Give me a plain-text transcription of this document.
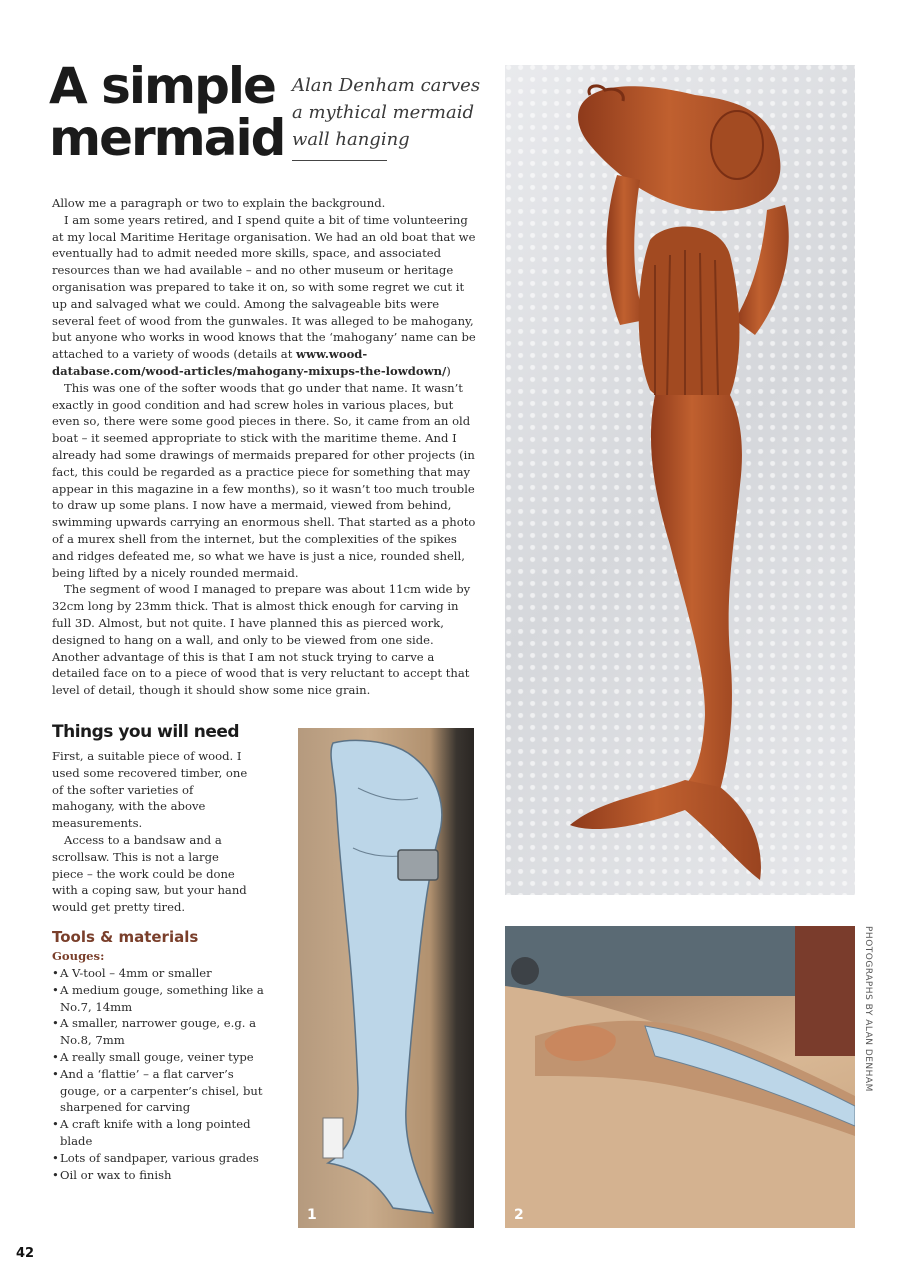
A simple
mermaid
Alan Denham carves
a mythical mermaid
wall hanging

Allow me a paragraph or two to explain the background.

I am some years retired, and I spend quite a bit of time volunteering at my local Maritime Heritage organisation. We had an old boat that we eventually had to admit needed more skills, space, and associated resources than we had available – and no other museum or heritage organisation was prepared to take it on, so with some regret we cut it up and salvaged what we could. Among the salvageable bits were several feet of wood from the gunwales. It was alleged to be mahogany, but anyone who works in wood knows that the ‘mahogany’ name can be attached to a variety of woods (details at www.wood-database.com/wood-articles/mahogany-mixups-the-lowdown/)

This was one of the softer woods that go under that name. It wasn’t exactly in good condition and had screw holes in various places, but even so, there were some good pieces in there. So, it came from an old boat – it seemed appropriate to stick with the maritime theme. And I already had some drawings of mermaids prepared for other projects (in fact, this could be regarded as a practice piece for something that may appear in this magazine in a few months), so it wasn’t too much trouble to draw up some plans. I now have a mermaid, viewed from behind, swimming upwards carrying an enormous shell. That started as a photo of a murex shell from the internet, but the complexities of the spikes and ridges defeated me, so what we have is just a nice, rounded shell, being lifted by a nicely rounded mermaid.

The segment of wood I managed to prepare was about 11cm wide by 32cm long by 23mm thick. That is almost thick enough for carving in full 3D. Almost, but not quite. I have planned this as pierced work, designed to hang on a wall, and only to be viewed from one side. Another advantage of this is that I am not stuck trying to carve a detailed face on to a piece of wood that is very reluctant to accept that level of detail, though it should show some nice grain.

Things you will need

First, a suitable piece of wood. I used some recovered timber, one of the softer varieties of mahogany, with the above measurements.

Access to a bandsaw and a scrollsaw. This is not a large piece – the work could be done with a coping saw, but your hand would get pretty tired.

Tools & materials
Gouges:
• A V-tool – 4mm or smaller
• A medium gouge, something like a No.7, 14mm
• A smaller, narrower gouge, e.g. a No.8, 7mm
• A really small gouge, veiner type
• And a ‘flattie’ – a flat carver’s gouge, or a carpenter’s chisel, but sharpened for carving
• A craft knife with a long pointed blade
• Lots of sandpaper, various grades
• Oil or wax to finish
1	2
PHOTOGRAPHS BY ALAN DENHAM
42
